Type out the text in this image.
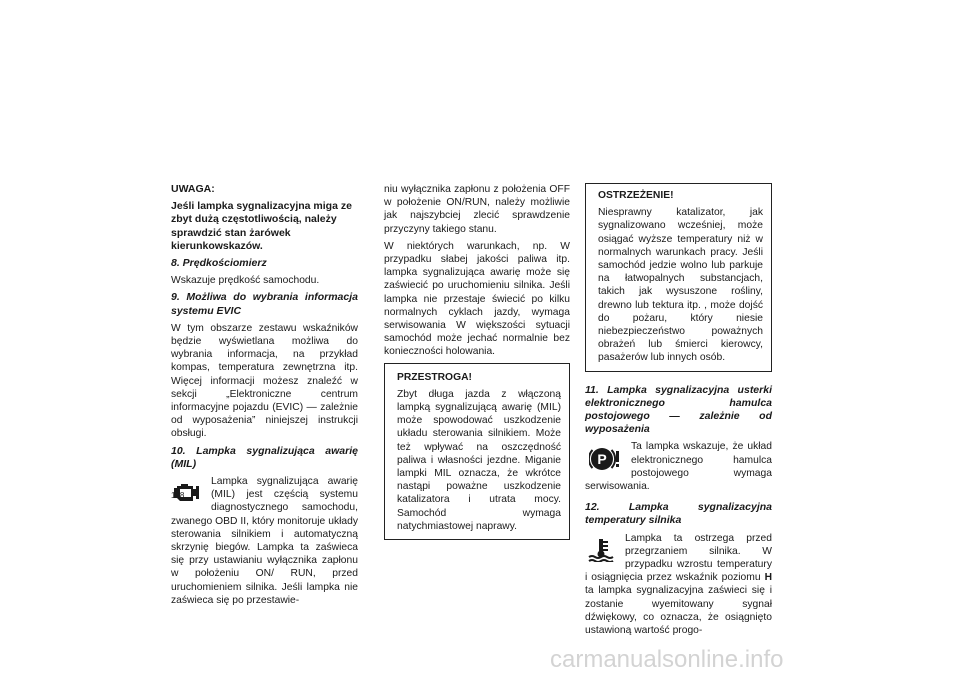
UWAGA:

Jeśli lampka sygnalizacyjna miga ze zbyt dużą częstotliwością, należy sprawdzić stan żarówek kierunkowskazów.

8. Prędkościomierz

Wskazuje prędkość samochodu.

9. Możliwa do wybrania informacja systemu EVIC

W tym obszarze zestawu wskaźników będzie wyświetlana możliwa do wybrania informacja, na przykład kompas, temperatura zewnętrzna itp. Więcej informacji możesz znaleźć w sekcji „Elektroniczne centrum informacyjne pojazdu (EVIC) — zależnie od wyposażenia” niniejszej instrukcji obsługi.

10. Lampka sygnalizująca awarię (MIL)

Lampka sygnalizująca awarię (MIL) jest częścią systemu diagnostycznego samochodu, zwanego OBD II, który monitoruje układy sterowania silnikiem i automatyczną skrzynię biegów. Lampka ta zaświeca się przy ustawianiu wyłącznika zapłonu w położeniu ON/ RUN, przed uruchomieniem silnika. Jeśli lampka nie zaświeca się po przestawie-

niu wyłącznika zapłonu z położenia OFF w położenie ON/RUN, należy możliwie jak najszybciej zlecić sprawdzenie przyczyny takiego stanu.

W niektórych warunkach, np. W przypadku słabej jakości paliwa itp. lampka sygnalizująca awarię może się zaświecić po uruchomieniu silnika. Jeśli lampka nie przestaje świecić po kilku normalnych cyklach jazdy, wymaga serwisowania W większości sytuacji samochód może jechać normalnie bez konieczności holowania.

PRZESTROGA!

Zbyt długa jazda z włączoną lampką sygnalizującą awarię (MIL) może spowodować uszkodzenie układu sterowania silnikiem. Może też wpływać na oszczędność paliwa i własności jezdne. Miganie lampki MIL oznacza, że wkrótce nastąpi poważne uszkodzenie katalizatora i utrata mocy. Samochód wymaga natychmiastowej naprawy.

OSTRZEŻENIE!

Niesprawny katalizator, jak sygnalizowano wcześniej, może osiągać wyższe temperatury niż w normalnych warunkach pracy. Jeśli samochód jedzie wolno lub parkuje na łatwopalnych substancjach, takich jak wysuszone rośliny, drewno lub tektura itp. , może dojść do pożaru, który niesie niebezpieczeństwo poważnych obrażeń lub śmierci kierowcy, pasażerów lub innych osób.

11. Lampka sygnalizacyjna usterki elektronicznego hamulca postojowego — zależnie od wyposażenia

P

Ta lampka wskazuje, że układ elektronicznego hamulca postojowego wymaga serwisowania.

12. Lampka sygnalizacyjna temperatury silnika

Lampka ta ostrzega przed przegrzaniem silnika. W przypadku wzrostu temperatury i osiągnięcia przez wskaźnik poziomu H ta lampka sygnalizacyjna zaświeci się i zostanie wyemitowany sygnał dźwiękowy, co oznacza, że osiągnięto ustawioną wartość progo-

178
carmanualsonline.info
